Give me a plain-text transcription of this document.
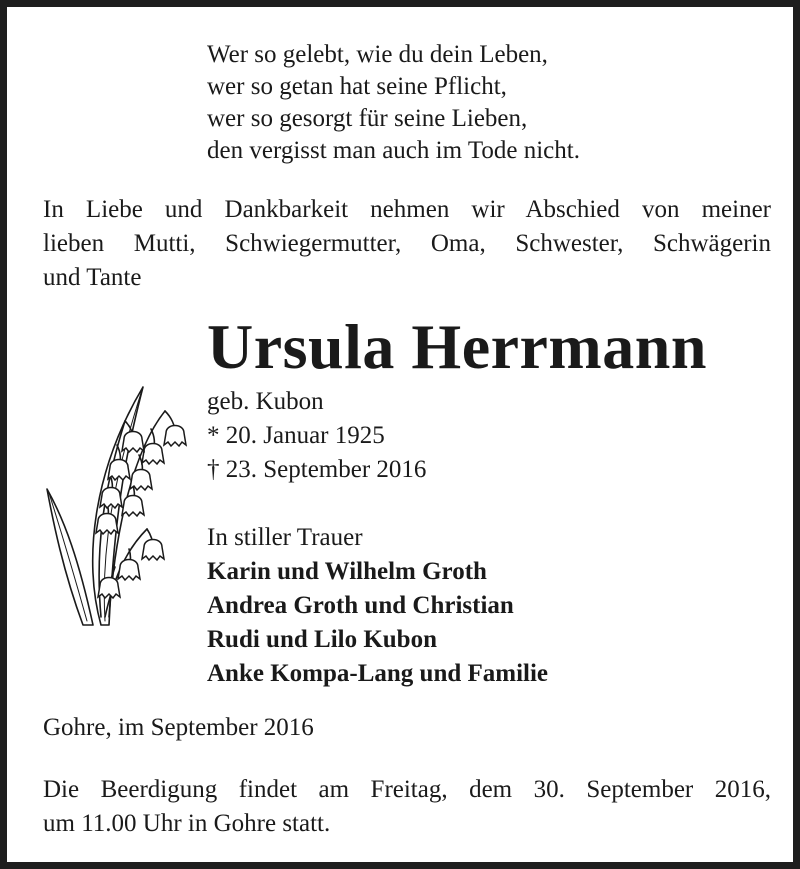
Wer so gelebt, wie du dein Leben,
wer so getan hat seine Pflicht,
wer so gesorgt für seine Lieben,
den vergisst man auch im Tode nicht.
In Liebe und Dankbarkeit nehmen wir Abschied von meiner
lieben Mutti, Schwiegermutter, Oma, Schwester, Schwägerin
und Tante
Ursula Herrmann
geb. Kubon
* 20. Januar 1925
† 23. September 2016
In stiller Trauer
Karin und Wilhelm Groth
Andrea Groth und Christian
Rudi und Lilo Kubon
Anke Kompa-Lang und Familie
Gohre, im September 2016
Die Beerdigung findet am Freitag, dem 30. September 2016,
um 11.00 Uhr in Gohre statt.
